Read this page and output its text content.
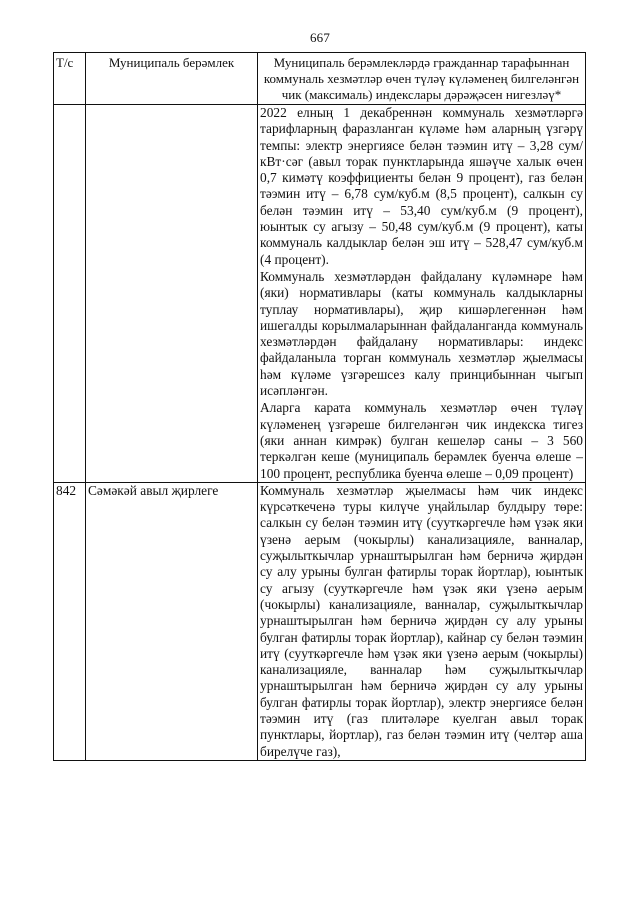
667
Т/с	Муниципаль берәмлек	Муниципаль берәмлекләрдә гражданнар тарафыннан коммуналь хезмәтләр өчен түләү күләменең билгеләнгән чик (максималь) индекслары дәрәҗәсен нигезләү*

		2022 елның 1 декабреннән коммуналь хезмәтләргә тарифларның фаразланган күләме һәм аларның үзгәрү темпы: электр энергиясе белән тәэмин итү – 3,28 сум/кВт·сәг (авыл торак пунктларында яшәүче халык өчен 0,7 кимәтү коэффициенты белән 9 процент), газ белән тәэмин итү – 6,78 сум/куб.м (8,5 процент), салкын су белән тәэмин итү – 53,40 сум/куб.м (9 процент), юынтык су агызу – 50,48 сум/куб.м (9 процент), каты коммуналь калдыклар белән эш итү – 528,47 сум/куб.м (4 процент).

Коммуналь хезмәтләрдән файдалану күләмнәре һәм (яки) нормативлары (каты коммуналь калдыкларны туплау нормативлары), җир кишәрлегеннән һәм ишегалды корылмаларыннан файдаланганда коммуналь хезмәтләрдән файдалану нормативлары: индекс файдаланыла торган коммуналь хезмәтләр җыелмасы һәм күләме үзгәрешсез калу принцибыннан чыгып исәпләнгән.

Аларга карата коммуналь хезмәтләр өчен түләү күләменең үзгәреше билгеләнгән чик индекска тигез (яки аннан кимрәк) булган кешеләр саны – 3 560 теркәлгән кеше (муниципаль берәмлек буенча өлеше – 100 процент, республика буенча өлеше – 0,09 процент)

842	Сәмәкәй авыл җирлеге	Коммуналь хезмәтләр җыелмасы һәм чик индекс күрсәткеченә туры килүче уңайлылар булдыру төре: салкын су белән тәэмин итү (сууткәргечле һәм үзәк яки үзенә аерым (чокырлы) канализацияле, ванналар, суҗылыткычлар урнаштырылган һәм берничә җирдән су алу урыны булган фатирлы торак йортлар), юынтык су агызу (сууткәргечле һәм үзәк яки үзенә аерым (чокырлы) канализацияле, ванналар, суҗылыткычлар урнаштырылган һәм берничә җирдән су алу урыны булган фатирлы торак йортлар), кайнар су белән тәэмин итү (сууткәргечле һәм үзәк яки үзенә аерым (чокырлы) канализацияле, ванналар һәм суҗылыткычлар урнаштырылган һәм берничә җирдән су алу урыны булган фатирлы торак йортлар), электр энергиясе белән тәэмин итү (газ плитәләре куелган авыл торак пунктлары, йортлар), газ белән тәэмин итү (челтәр аша бирелүче газ),
